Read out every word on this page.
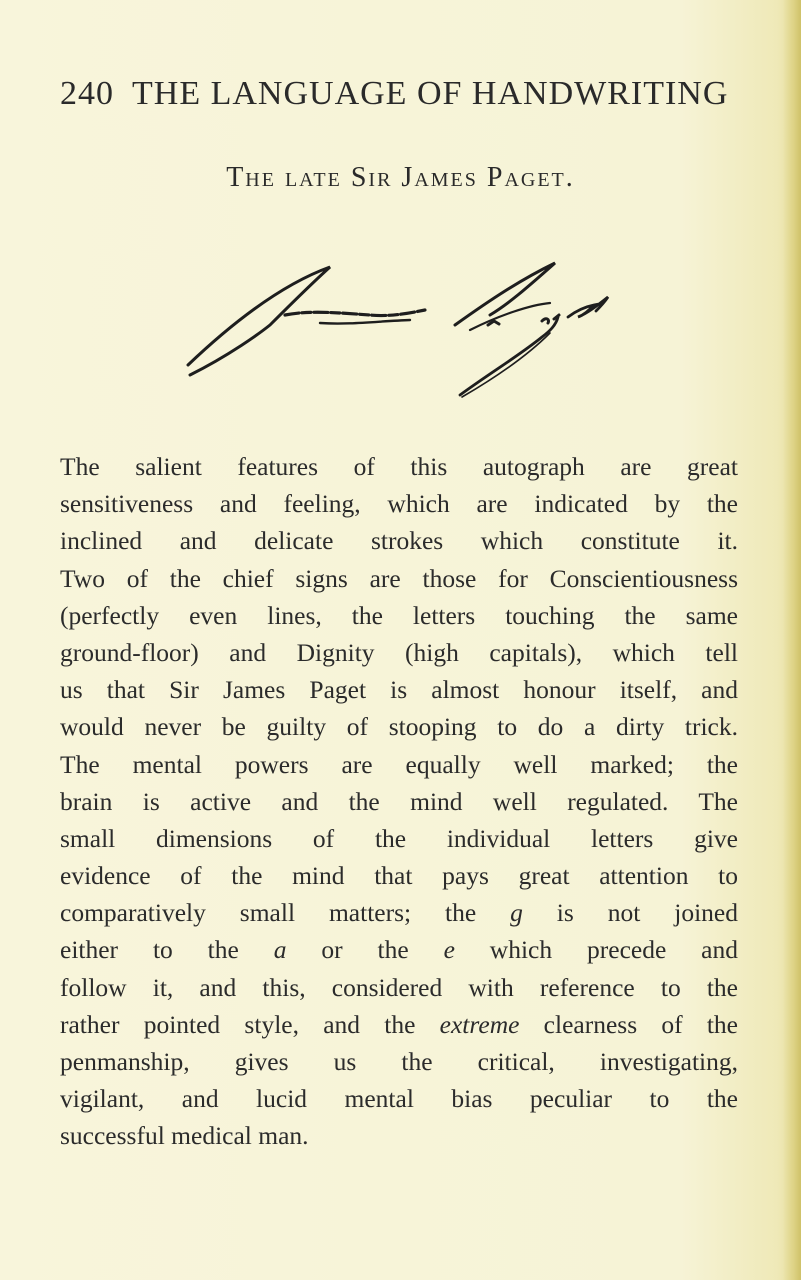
240 THE LANGUAGE OF HANDWRITING
The late Sir James Paget.
The salient features of this autograph are great
sensitiveness and feeling, which are indicated by the
inclined and delicate strokes which constitute it.
Two of the chief signs are those for Conscientiousness
(perfectly even lines, the letters touching the same
ground-floor) and Dignity (high capitals), which tell
us that Sir James Paget is almost honour itself, and
would never be guilty of stooping to do a dirty trick.
The mental powers are equally well marked; the
brain is active and the mind well regulated. The
small dimensions of the individual letters give
evidence of the mind that pays great attention to
comparatively small matters; the g is not joined
either to the a or the e which precede and
follow it, and this, considered with reference to the
rather pointed style, and the extreme clearness of the
penmanship, gives us the critical, investigating,
vigilant, and lucid mental bias peculiar to the
successful medical man.
